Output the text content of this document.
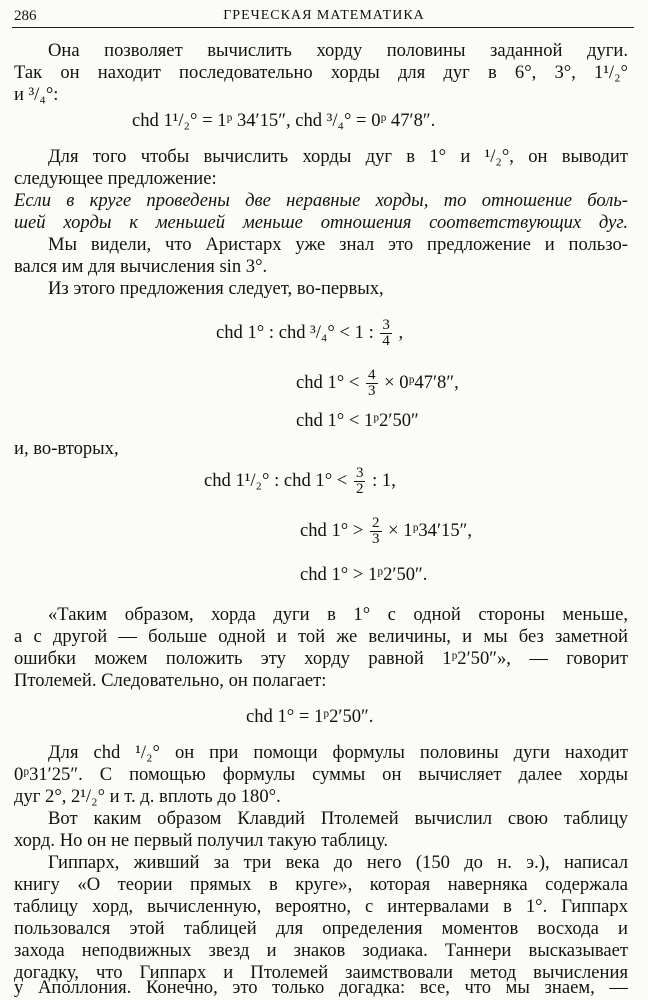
286	ГРЕЧЕСКАЯ МАТЕМАТИКА
Она позволяет вычислить хорду половины заданной дуги.
Так он находит последовательно хорды для дуг в 6°, 3°, 1¹/₂°
и ³/₄°:
chd 1¹/₂° = 1ᵖ 34′15″, chd ³/₄° = 0ᵖ 47′8″.
Для того чтобы вычислить хорды дуг в 1° и ¹/₂°, он выводит
следующее предложение:
Если в круге проведены две неравные хорды, то отношение боль-
шей хорды к меньшей меньше отношения соответствующих дуг.
Мы видели, что Аристарх уже знал это предложение и пользо-
вался им для вычисления sin 3°.
Из этого предложения следует, во-первых,
chd 1° : chd ³/₄° < 1 : $\frac{3}{4}$ ,
chd $1^\circ < \frac{4}{3}$ × 0ᵖ47′8″,
chd 1° < 1ᵖ2′50″
и, во-вторых,
chd 1¹/₂° : chd $1^\circ < \frac{3}{2}$ : 1,
chd $1^\circ > \frac{2}{3}$ × 1ᵖ34′15″,
chd 1° > 1ᵖ2′50″.
«Таким образом, хорда дуги в 1° с одной стороны меньше,
а с другой — больше одной и той же величины, и мы без заметной
ошибки можем положить эту хорду равной 1ᵖ2′50″», — говорит
Птолемей. Следовательно, он полагает:
chd 1° = 1ᵖ2′50″.
Для chd ¹/₂° он при помощи формулы половины дуги находит
0ᵖ31′25″. С помощью формулы суммы он вычисляет далее хорды
дуг 2°, 2¹/₂° и т. д. вплоть до 180°.
Вот каким образом Клавдий Птолемей вычислил свою таблицу
хорд. Но он не первый получил такую таблицу.
Гиппарх, живший за три века до него (150 до н. э.), написал
книгу «О теории прямых в круге», которая наверняка содержала
таблицу хорд, вычисленную, вероятно, с интервалами в 1°. Гиппарх
пользовался этой таблицей для определения моментов восхода и
захода неподвижных звезд и знаков зодиака. Таннери высказывает
догадку, что Гиппарх и Птолемей заимствовали метод вычисления
у Аполлония. Конечно, это только догадка: все, что мы знаем, —
